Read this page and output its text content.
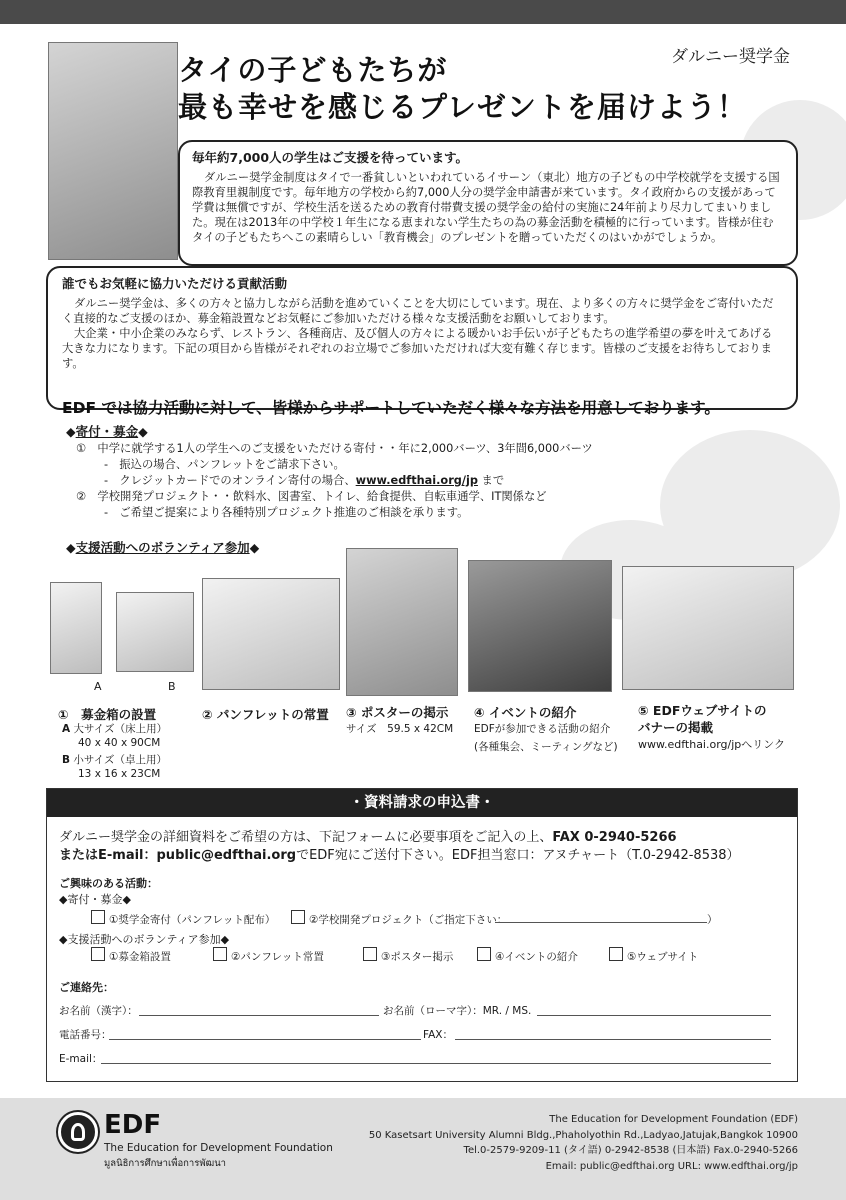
ダルニー奨学金
タイの子どもたちが
最も幸せを感じるプレゼントを届けよう！
毎年約7,000人の学生はご支援を待っています。

ダルニー奨学金制度はタイで一番貧しいといわれているイサーン（東北）地方の子どもの中学校就学を支援する国際教育里親制度です。毎年地方の学校から約7,000人分の奨学金申請書が来ています。タイ政府からの支援があって学費は無償ですが、学校生活を送るための教育付帯費支援の奨学金の給付の実施に24年前より尽力してまいりました。現在は2013年の中学校１年生になる恵まれない学生たちの為の募金活動を積極的に行っています。皆様が住むタイの子どもたちへこの素晴らしい「教育機会」のプレゼントを贈っていただくのはいかがでしょうか。

誰でもお気軽に協力いただける貢献活動

ダルニー奨学金は、多くの方々と協力しながら活動を進めていくことを大切にしています。現在、より多くの方々に奨学金をご寄付いただく直接的なご支援のほか、募金箱設置などお気軽にご参加いただける様々な支援活動をお願いしております。

大企業・中小企業のみならず、レストラン、各種商店、及び個人の方々による暖かいお手伝いが子どもたちの進学希望の夢を叶えてあげる大きな力になります。下記の項目から皆様がそれぞれのお立場でご参加いただければ大変有難く存じます。皆様のご支援をお待ちしております。

EDF では協力活動に対して、皆様からサポートしていただく様々な方法を用意しております。
◆寄付・募金◆
①　中学に就学する1人の学生へのご支援をいただける寄付・・年に2,000バーツ、3年間6,000バーツ
-　振込の場合、パンフレットをご請求下さい。
-　クレジットカードでのオンライン寄付の場合、www.edfthai.org/jp まで
②　学校開発プロジェクト・・飲料水、図書室、トイレ、給食提供、自転車通学、IT関係など
-　ご希望ご提案により各種特別プロジェクト推進のご相談を承ります。
◆支援活動へのボランティア参加◆
A	B
①　募金箱の設置
A 大サイズ（床上用）
40 x 40 x 90CM
B 小サイズ（卓上用）
13 x 16 x 23CM
② パンフレットの常置 ③ ポスターの掲示
サイズ　59.5 x 42CM
④ イベントの紹介
EDFが参加できる活動の紹介
(各種集会、ミーティングなど)
⑤ EDFウェブサイトの
バナーの掲載
www.edfthai.org/jpへリンク
・資料請求の申込書・
ダルニー奨学金の詳細資料をご希望の方は、下記フォームに必要事項をご記入の上、FAX 0-2940-5266
またはE-mail：public@edfthai.orgでEDF宛にご送付下さい。EDF担当窓口：アヌチャート（T.0-2942-8538）
ご興味のある活動：
◆寄付・募金◆
①奨学金寄付（パンフレット配布）	②学校開発プロジェクト（ご指定下さい：	）
◆支援活動へのボランティア参加◆
①募金箱設置	②パンフレット常置	③ポスター掲示	④イベントの紹介	⑤ウェブサイト
ご連絡先：
お名前（漢字）：	お名前（ローマ字）：MR. / MS.
電話番号：	FAX：
E-mail：
EDF
The Education for Development Foundation
มูลนิธิการศึกษาเพื่อการพัฒนา
The Education for Development Foundation (EDF)
50 Kasetsart University Alumni Bldg.,Phaholyothin Rd.,Ladyao,Jatujak,Bangkok 10900
Tel.0-2579-9209-11 (タイ語) 0-2942-8538 (日本語) Fax.0-2940-5266
Email: public@edfthai.org URL: www.edfthai.org/jp
